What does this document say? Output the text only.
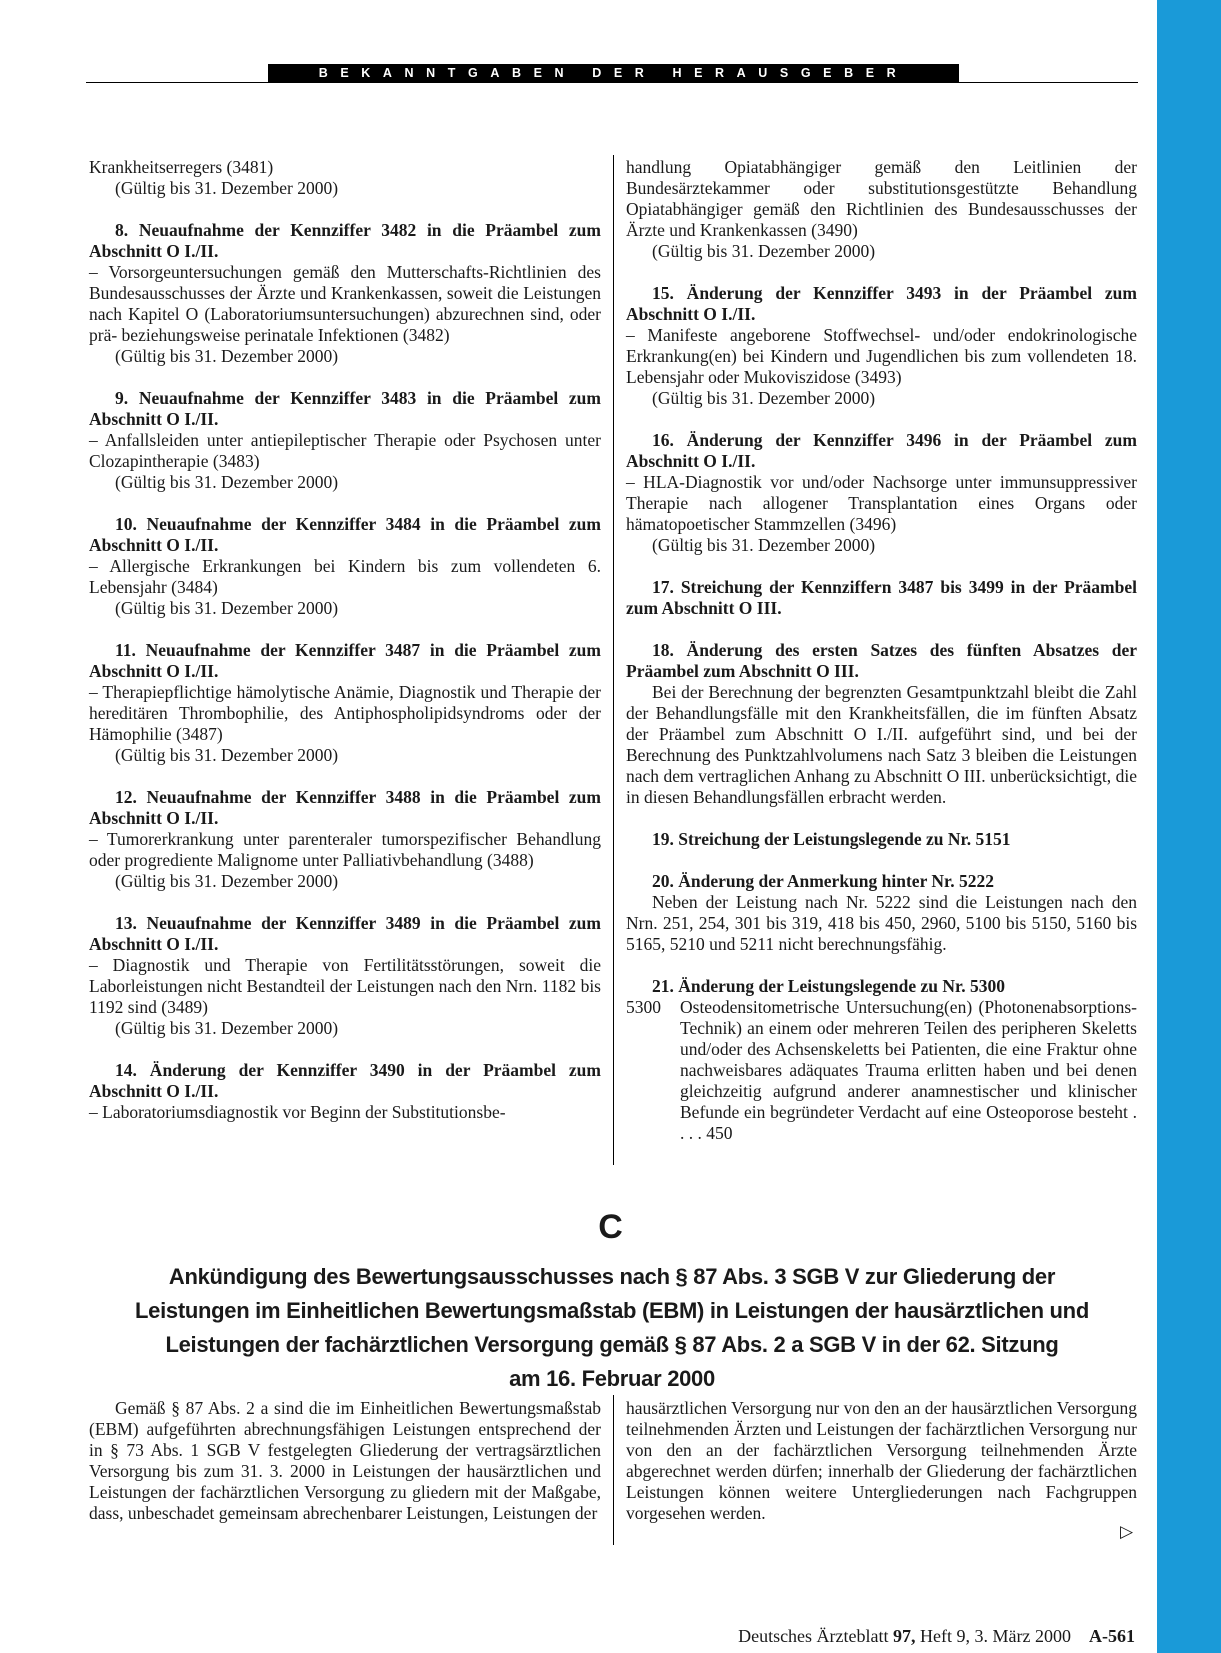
BEKANNTGABEN DER HERAUSGEBER

Krankheitserregers (3481)

(Gültig bis 31. Dezember 2000)

8. Neuaufnahme der Kennziffer 3482 in die Präambel zum Abschnitt O I./II.

– Vorsorgeuntersuchungen gemäß den Mutterschafts-Richtlinien des Bundesausschusses der Ärzte und Krankenkassen, soweit die Leistungen nach Kapitel O (Laboratoriumsuntersuchungen) abzurechnen sind, oder prä- beziehungsweise perinatale Infektionen (3482)

(Gültig bis 31. Dezember 2000)

9. Neuaufnahme der Kennziffer 3483 in die Präambel zum Abschnitt O I./II.

– Anfallsleiden unter antiepileptischer Therapie oder Psychosen unter Clozapintherapie (3483)

(Gültig bis 31. Dezember 2000)

10. Neuaufnahme der Kennziffer 3484 in die Präambel zum Abschnitt O I./II.

– Allergische Erkrankungen bei Kindern bis zum vollendeten 6. Lebensjahr (3484)

(Gültig bis 31. Dezember 2000)

11. Neuaufnahme der Kennziffer 3487 in die Präambel zum Abschnitt O I./II.

– Therapiepflichtige hämolytische Anämie, Diagnostik und Therapie der hereditären Thrombophilie, des Antiphospholipidsyndroms oder der Hämophilie (3487)

(Gültig bis 31. Dezember 2000)

12. Neuaufnahme der Kennziffer 3488 in die Präambel zum Abschnitt O I./II.

– Tumorerkrankung unter parenteraler tumorspezifischer Behandlung oder progrediente Malignome unter Palliativbehandlung (3488)

(Gültig bis 31. Dezember 2000)

13. Neuaufnahme der Kennziffer 3489 in die Präambel zum Abschnitt O I./II.

– Diagnostik und Therapie von Fertilitätsstörungen, soweit die Laborleistungen nicht Bestandteil der Leistungen nach den Nrn. 1182 bis 1192 sind (3489)

(Gültig bis 31. Dezember 2000)

14. Änderung der Kennziffer 3490 in der Präambel zum Abschnitt O I./II.

– Laboratoriumsdiagnostik vor Beginn der Substitutionsbe-

handlung Opiatabhängiger gemäß den Leitlinien der Bundesärztekammer oder substitutionsgestützte Behandlung Opiatabhängiger gemäß den Richtlinien des Bundesausschusses der Ärzte und Krankenkassen (3490)

(Gültig bis 31. Dezember 2000)

15. Änderung der Kennziffer 3493 in der Präambel zum Abschnitt O I./II.

– Manifeste angeborene Stoffwechsel- und/oder endokrinologische Erkrankung(en) bei Kindern und Jugendlichen bis zum vollendeten 18. Lebensjahr oder Mukoviszidose (3493)

(Gültig bis 31. Dezember 2000)

16. Änderung der Kennziffer 3496 in der Präambel zum Abschnitt O I./II.

– HLA-Diagnostik vor und/oder Nachsorge unter immunsuppressiver Therapie nach allogener Transplantation eines Organs oder hämatopoetischer Stammzellen (3496)

(Gültig bis 31. Dezember 2000)

17. Streichung der Kennziffern 3487 bis 3499 in der Präambel zum Abschnitt O III.

18. Änderung des ersten Satzes des fünften Absatzes der Präambel zum Abschnitt O III.

Bei der Berechnung der begrenzten Gesamtpunktzahl bleibt die Zahl der Behandlungsfälle mit den Krankheitsfällen, die im fünften Absatz der Präambel zum Abschnitt O I./II. aufgeführt sind, und bei der Berechnung des Punktzahlvolumens nach Satz 3 bleiben die Leistungen nach dem vertraglichen Anhang zu Abschnitt O III. unberücksichtigt, die in diesen Behandlungsfällen erbracht werden.

19. Streichung der Leistungslegende zu Nr. 5151

20. Änderung der Anmerkung hinter Nr. 5222

Neben der Leistung nach Nr. 5222 sind die Leistungen nach den Nrn. 251, 254, 301 bis 319, 418 bis 450, 2960, 5100 bis 5150, 5160 bis 5165, 5210 und 5211 nicht berechnungsfähig.

21. Änderung der Leistungslegende zu Nr. 5300

5300	Osteodensitometrische Untersuchung(en) (Photonenabsorptions-Technik) an einem oder mehreren Teilen des peripheren Skeletts und/oder des Achsenskeletts bei Patienten, die eine Fraktur ohne nachweisbares adäquates Trauma erlitten haben und bei denen gleichzeitig aufgrund anderer anamnestischer und klinischer Befunde ein begründeter Verdacht auf eine Osteoporose besteht . . . . 450
C
Ankündigung des Bewertungsausschusses nach § 87 Abs. 3 SGB V zur Gliederung der
Leistungen im Einheitlichen Bewertungsmaßstab (EBM) in Leistungen der hausärztlichen und
Leistungen der fachärztlichen Versorgung gemäß § 87 Abs. 2 a SGB V in der 62. Sitzung
am 16. Februar 2000

Gemäß § 87 Abs. 2 a sind die im Einheitlichen Bewertungsmaßstab (EBM) aufgeführten abrechnungsfähigen Leistungen entsprechend der in § 73 Abs. 1 SGB V festgelegten Gliederung der vertragsärztlichen Versorgung bis zum 31. 3. 2000 in Leistungen der hausärztlichen und Leistungen der fachärztlichen Versorgung zu gliedern mit der Maßgabe, dass, unbeschadet gemeinsam abrechenbarer Leistungen, Leistungen der

hausärztlichen Versorgung nur von den an der hausärztlichen Versorgung teilnehmenden Ärzten und Leistungen der fachärztlichen Versorgung nur von den an der fachärztlichen Versorgung teilnehmenden Ärzte abgerechnet werden dürfen; innerhalb der Gliederung der fachärztlichen Leistungen können weitere Untergliederungen nach Fachgruppen vorgesehen werden.

▷
Deutsches Ärzteblatt 97, Heft 9, 3. März 2000 A-561
